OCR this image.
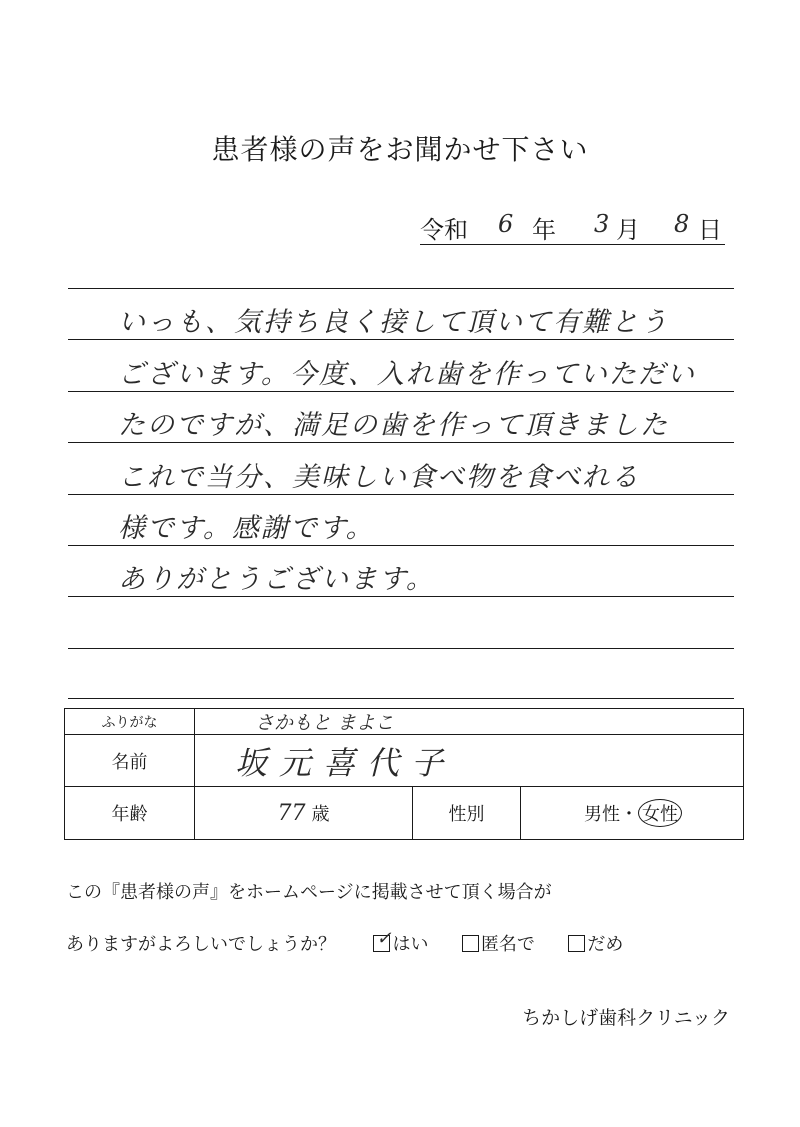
患者様の声をお聞かせ下さい
令和 6 年 3 月 8 日
いっも、気持ち良く接して頂いて有難とう
ございます。今度、入れ歯を作っていただい
たのですが、満足の歯を作って頂きました
これで当分、美味しい食べ物を食べれる
様です。感謝です。
ありがとうございます。
ふりがな	さかもと まよこ
名前	坂元喜代子
年齢	77 歳	性別	男性 ・ 女性
この『患者様の声』をホームページに掲載させて頂く場合が
ありますがよろしいでしょうか？ ✓ はい	匿名で	だめ
ちかしげ歯科クリニック
